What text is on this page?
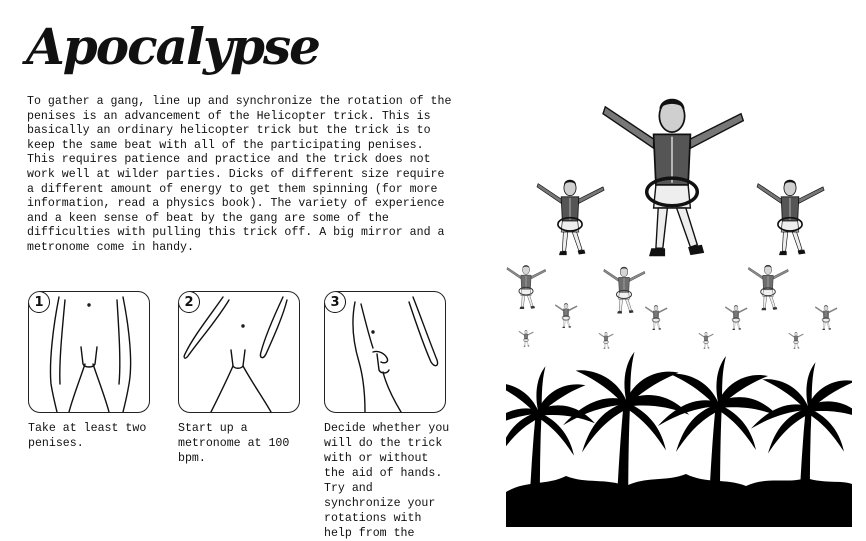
Apocalypse

To gather a gang, line up and synchronize the rotation of the penises is an advancement of the Helicopter trick. This is basically an ordinary helicopter trick but the trick is to keep the same beat with all of the participating penises. This requires patience and practice and the trick does not work well at wilder parties. Dicks of different size require a different amount of energy to get them spinning (for more information, read a physics book). The variety of experience and a keen sense of beat by the gang are some of the difficulties with pulling this trick off. A big mirror and a metronome come in handy.

1

Take at least two penises.

2

Start up a metronome at 100 bpm.

3

Decide whether you will do the trick with or without the aid of hands. Try and synchronize your rotations with help from the
